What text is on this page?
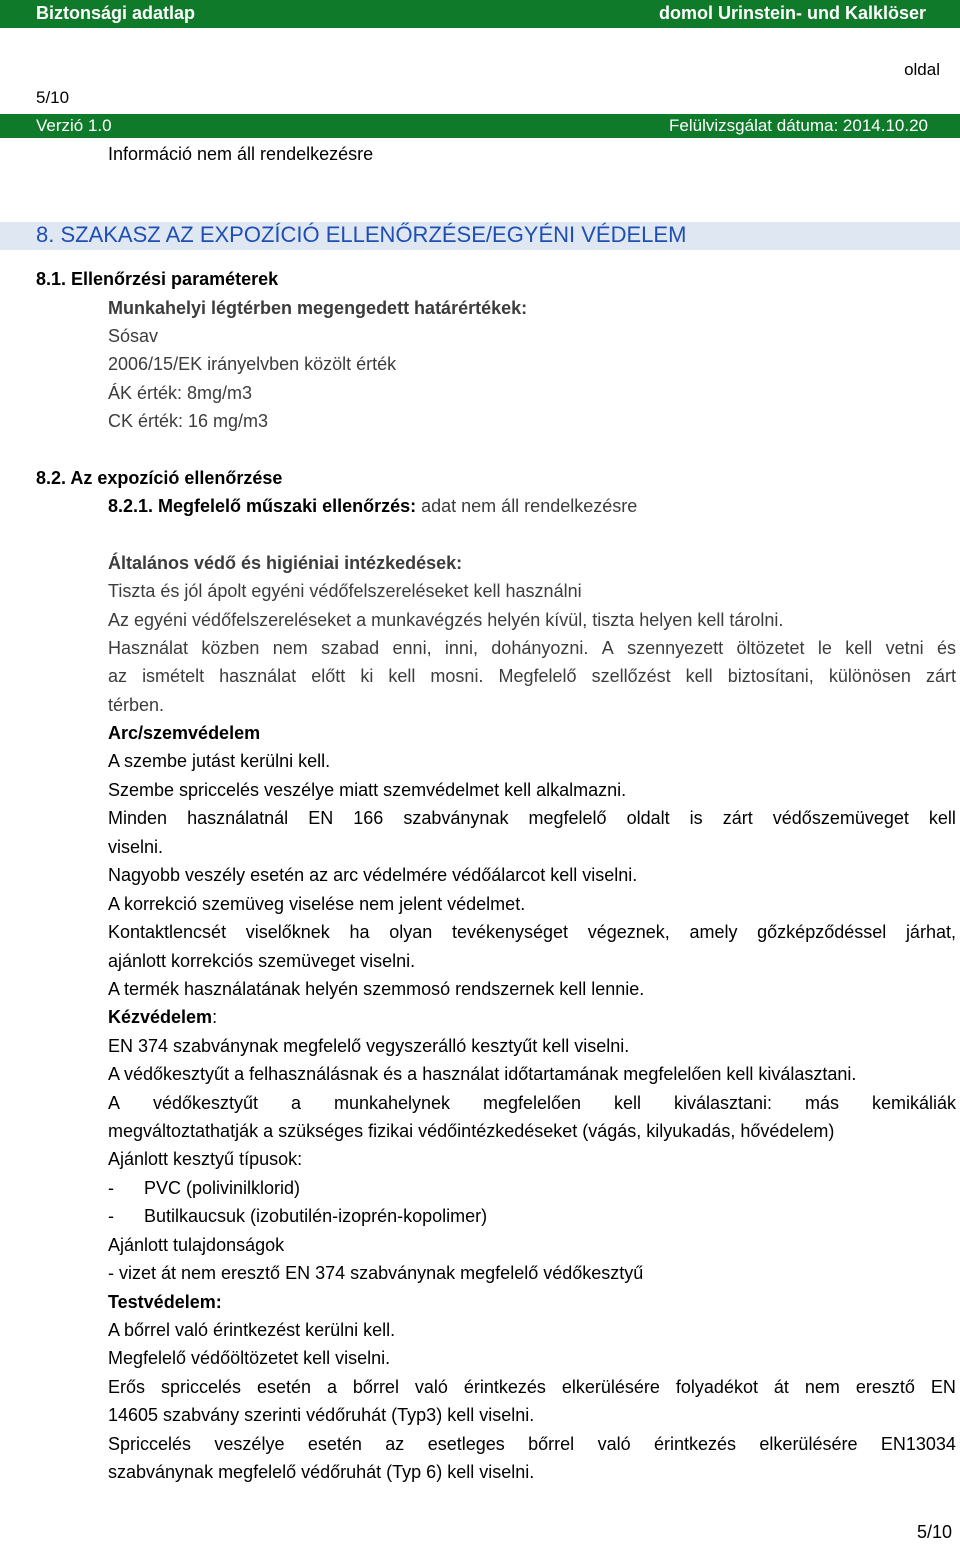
Biztonsági adatlap	domol Urinstein- und Kalklöser
oldal
5/10
Verzió 1.0	Felülvizsgálat dátuma: 2014.10.20
Információ nem áll rendelkezésre
8. SZAKASZ AZ EXPOZÍCIÓ ELLENŐRZÉSE/EGYÉNI VÉDELEM
8.1. Ellenőrzési paraméterek
Munkahelyi légtérben megengedett határértékek:
Sósav
2006/15/EK irányelvben közölt érték
ÁK érték: 8mg/m3
CK érték: 16 mg/m3
8.2. Az expozíció ellenőrzése
8.2.1. Megfelelő műszaki ellenőrzés: adat nem áll rendelkezésre
Általános védő és higiéniai intézkedések:
Tiszta és jól ápolt egyéni védőfelszereléseket kell használni
Az egyéni védőfelszereléseket a munkavégzés helyén kívül, tiszta helyen kell tárolni.
Használat közben nem szabad enni, inni, dohányozni. A szennyezett öltözetet le kell vetni és
az ismételt használat előtt ki kell mosni. Megfelelő szellőzést kell biztosítani, különösen zárt
térben.
Arc/szemvédelem
A szembe jutást kerülni kell.
Szembe spriccelés veszélye miatt szemvédelmet kell alkalmazni.
Minden használatnál EN 166 szabványnak megfelelő oldalt is zárt védőszemüveget kell
viselni.
Nagyobb veszély esetén az arc védelmére védőálarcot kell viselni.
A korrekció szemüveg viselése nem jelent védelmet.
Kontaktlencsét viselőknek ha olyan tevékenységet végeznek, amely gőzképződéssel járhat,
ajánlott korrekciós szemüveget viselni.
A termék használatának helyén szemmosó rendszernek kell lennie.
Kézvédelem:
EN 374 szabványnak megfelelő vegyszerálló kesztyűt kell viselni.
A védőkesztyűt a felhasználásnak és a használat időtartamának megfelelően kell kiválasztani.
A védőkesztyűt a munkahelynek megfelelően kell kiválasztani: más kemikáliák
megváltoztathatják a szükséges fizikai védőintézkedéseket (vágás, kilyukadás, hővédelem)
Ajánlott kesztyű típusok:
- PVC (polivinilklorid)
- Butilkaucsuk (izobutilén-izoprén-kopolimer)
Ajánlott tulajdonságok
- vizet át nem eresztő EN 374 szabványnak megfelelő védőkesztyű
Testvédelem:
A bőrrel való érintkezést kerülni kell.
Megfelelő védőöltözetet kell viselni.
Erős spriccelés esetén a bőrrel való érintkezés elkerülésére folyadékot át nem eresztő EN
14605 szabvány szerinti védőruhát (Typ3) kell viselni.
Spriccelés veszélye esetén az esetleges bőrrel való érintkezés elkerülésére EN13034
szabványnak megfelelő védőruhát (Typ 6) kell viselni.
5/10
